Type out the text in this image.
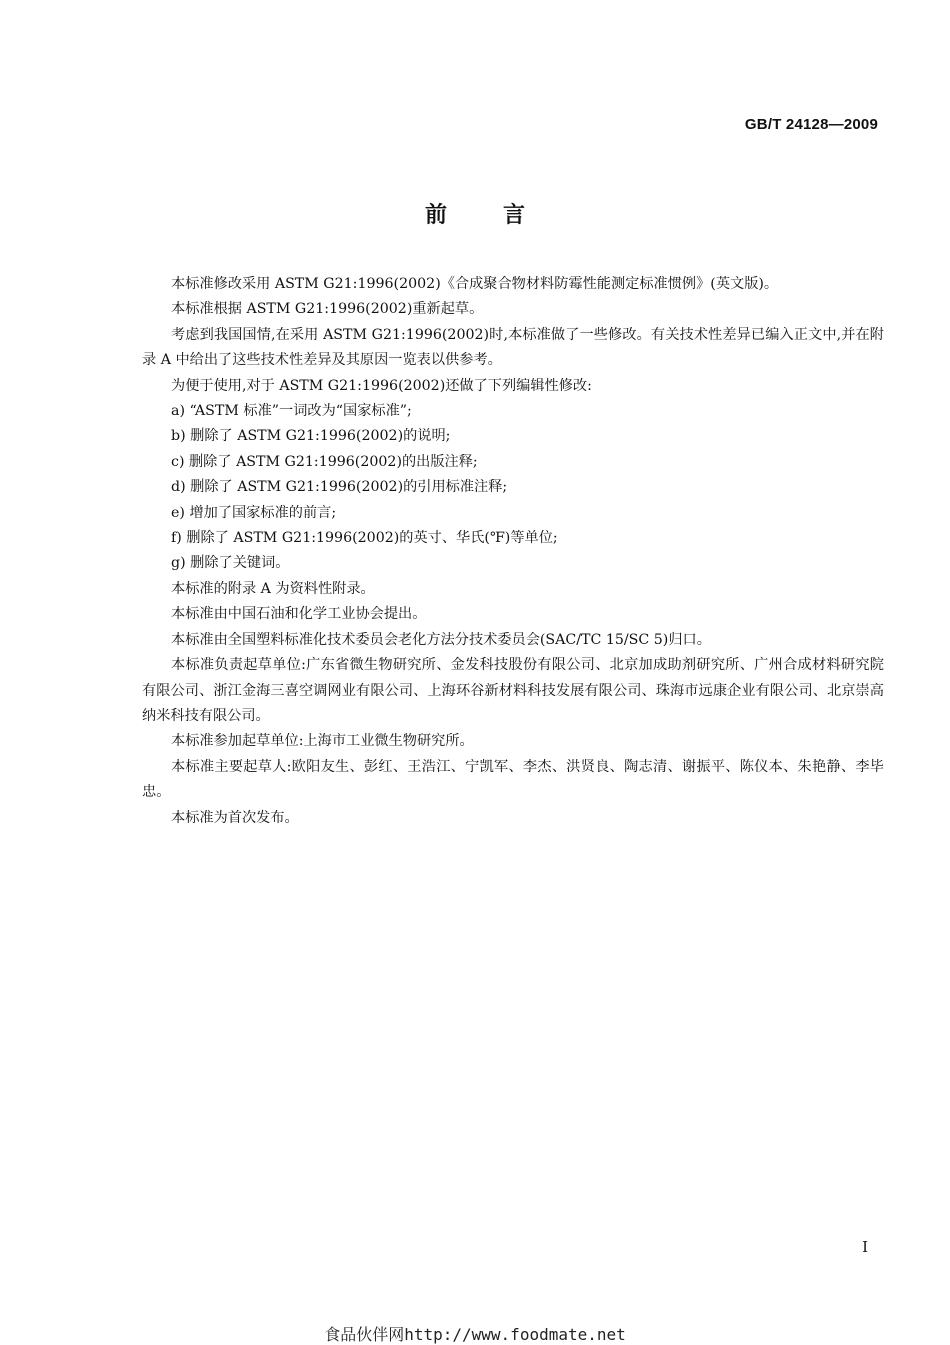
GB/T 24128—2009
前言

本标准修改采用 ASTM G21:1996(2002)《合成聚合物材料防霉性能测定标准惯例》(英文版)。

本标准根据 ASTM G21:1996(2002)重新起草。

考虑到我国国情,在采用 ASTM G21:1996(2002)时,本标准做了一些修改。有关技术性差异已编入正文中,并在附录 A 中给出了这些技术性差异及其原因一览表以供参考。

为便于使用,对于 ASTM G21:1996(2002)还做了下列编辑性修改:

a) “ASTM 标准”一词改为“国家标准”;

b) 删除了 ASTM G21:1996(2002)的说明;

c) 删除了 ASTM G21:1996(2002)的出版注释;

d) 删除了 ASTM G21:1996(2002)的引用标准注释;

e) 增加了国家标准的前言;

f) 删除了 ASTM G21:1996(2002)的英寸、华氏(℉)等单位;

g) 删除了关键词。

本标准的附录 A 为资料性附录。

本标准由中国石油和化学工业协会提出。

本标准由全国塑料标准化技术委员会老化方法分技术委员会(SAC/TC 15/SC 5)归口。

本标准负责起草单位:广东省微生物研究所、金发科技股份有限公司、北京加成助剂研究所、广州合成材料研究院有限公司、浙江金海三喜空调网业有限公司、上海环谷新材料科技发展有限公司、珠海市远康企业有限公司、北京崇高纳米科技有限公司。

本标准参加起草单位:上海市工业微生物研究所。

本标准主要起草人:欧阳友生、彭红、王浩江、宁凯军、李杰、洪贤良、陶志清、谢振平、陈仪本、朱艳静、李毕忠。

本标准为首次发布。

I
食品伙伴网http://www.foodmate.net
